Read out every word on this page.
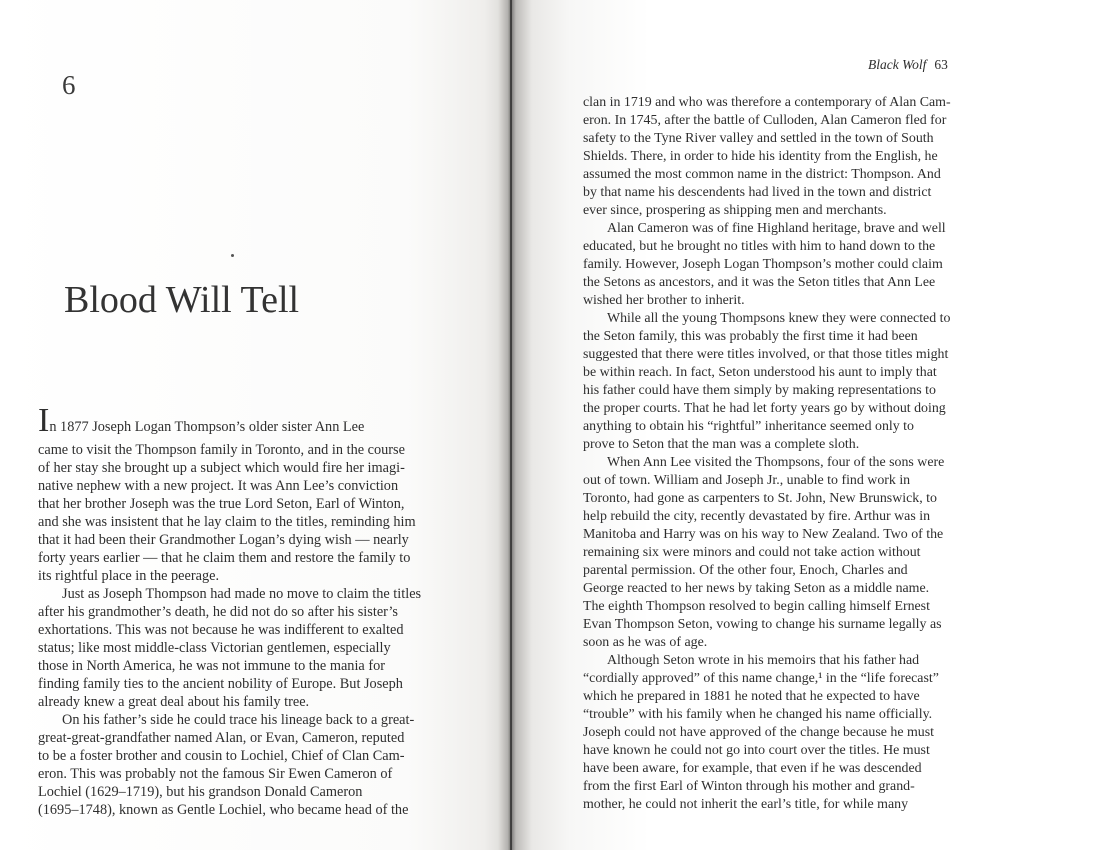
6
Blood Will Tell
In 1877 Joseph Logan Thompson’s older sister Ann Lee
came to visit the Thompson family in Toronto, and in the course
of her stay she brought up a subject which would fire her imagi-
native nephew with a new project. It was Ann Lee’s conviction
that her brother Joseph was the true Lord Seton, Earl of Winton,
and she was insistent that he lay claim to the titles, reminding him
that it had been their Grandmother Logan’s dying wish — nearly
forty years earlier — that he claim them and restore the family to
its rightful place in the peerage.
Just as Joseph Thompson had made no move to claim the titles
after his grandmother’s death, he did not do so after his sister’s
exhortations. This was not because he was indifferent to exalted
status; like most middle-class Victorian gentlemen, especially
those in North America, he was not immune to the mania for
finding family ties to the ancient nobility of Europe. But Joseph
already knew a great deal about his family tree.
On his father’s side he could trace his lineage back to a great-
great-great-grandfather named Alan, or Evan, Cameron, reputed
to be a foster brother and cousin to Lochiel, Chief of Clan Cam-
eron. This was probably not the famous Sir Ewen Cameron of
Lochiel (1629–1719), but his grandson Donald Cameron
(1695–1748), known as Gentle Lochiel, who became head of the
Black Wolf 63
clan in 1719 and who was therefore a contemporary of Alan Cam-
eron. In 1745, after the battle of Culloden, Alan Cameron fled for
safety to the Tyne River valley and settled in the town of South
Shields. There, in order to hide his identity from the English, he
assumed the most common name in the district: Thompson. And
by that name his descendents had lived in the town and district
ever since, prospering as shipping men and merchants.
Alan Cameron was of fine Highland heritage, brave and well
educated, but he brought no titles with him to hand down to the
family. However, Joseph Logan Thompson’s mother could claim
the Setons as ancestors, and it was the Seton titles that Ann Lee
wished her brother to inherit.
While all the young Thompsons knew they were connected to
the Seton family, this was probably the first time it had been
suggested that there were titles involved, or that those titles might
be within reach. In fact, Seton understood his aunt to imply that
his father could have them simply by making representations to
the proper courts. That he had let forty years go by without doing
anything to obtain his “rightful” inheritance seemed only to
prove to Seton that the man was a complete sloth.
When Ann Lee visited the Thompsons, four of the sons were
out of town. William and Joseph Jr., unable to find work in
Toronto, had gone as carpenters to St. John, New Brunswick, to
help rebuild the city, recently devastated by fire. Arthur was in
Manitoba and Harry was on his way to New Zealand. Two of the
remaining six were minors and could not take action without
parental permission. Of the other four, Enoch, Charles and
George reacted to her news by taking Seton as a middle name.
The eighth Thompson resolved to begin calling himself Ernest
Evan Thompson Seton, vowing to change his surname legally as
soon as he was of age.
Although Seton wrote in his memoirs that his father had
“cordially approved” of this name change,¹ in the “life forecast”
which he prepared in 1881 he noted that he expected to have
“trouble” with his family when he changed his name officially.
Joseph could not have approved of the change because he must
have known he could not go into court over the titles. He must
have been aware, for example, that even if he was descended
from the first Earl of Winton through his mother and grand-
mother, he could not inherit the earl’s title, for while many
